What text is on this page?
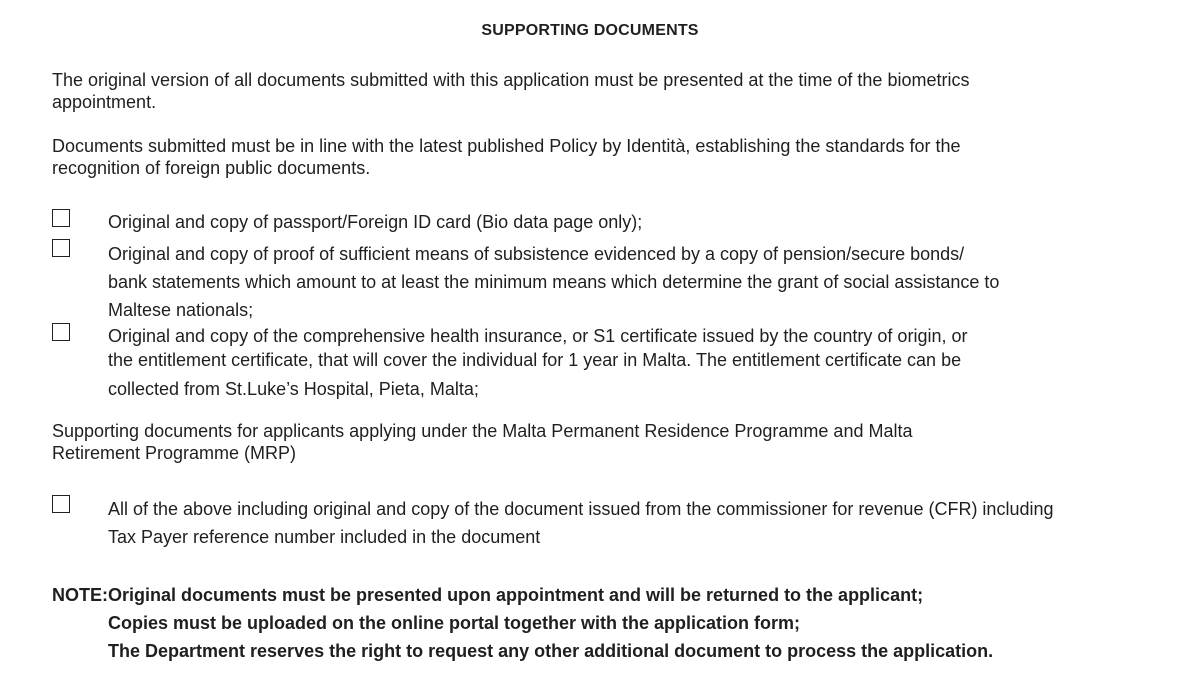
SUPPORTING DOCUMENTS
The original version of all documents submitted with this application must be presented at the time of the biometrics
appointment.
Documents submitted must be in line with the latest published Policy by Identità, establishing the standards for the
recognition of foreign public documents.
Original and copy of passport/Foreign ID card (Bio data page only);
Original and copy of proof of sufficient means of subsistence evidenced by a copy of pension/secure bonds/
bank statements which amount to at least the minimum means which determine the grant of social assistance to
Maltese nationals;
Original and copy of the comprehensive health insurance, or S1 certificate issued by the country of origin, or
the entitlement certificate, that will cover the individual for 1 year in Malta. The entitlement certificate can be
collected from St.Luke’s Hospital, Pieta, Malta;
Supporting documents for applicants applying under the Malta Permanent Residence Programme and Malta
Retirement Programme (MRP)
All of the above including original and copy of the document issued from the commissioner for revenue (CFR) including
Tax Payer reference number included in the document
NOTE: Original documents must be presented upon appointment and will be returned to the applicant;
Copies must be uploaded on the online portal together with the application form;
The Department reserves the right to request any other additional document to process the application.
